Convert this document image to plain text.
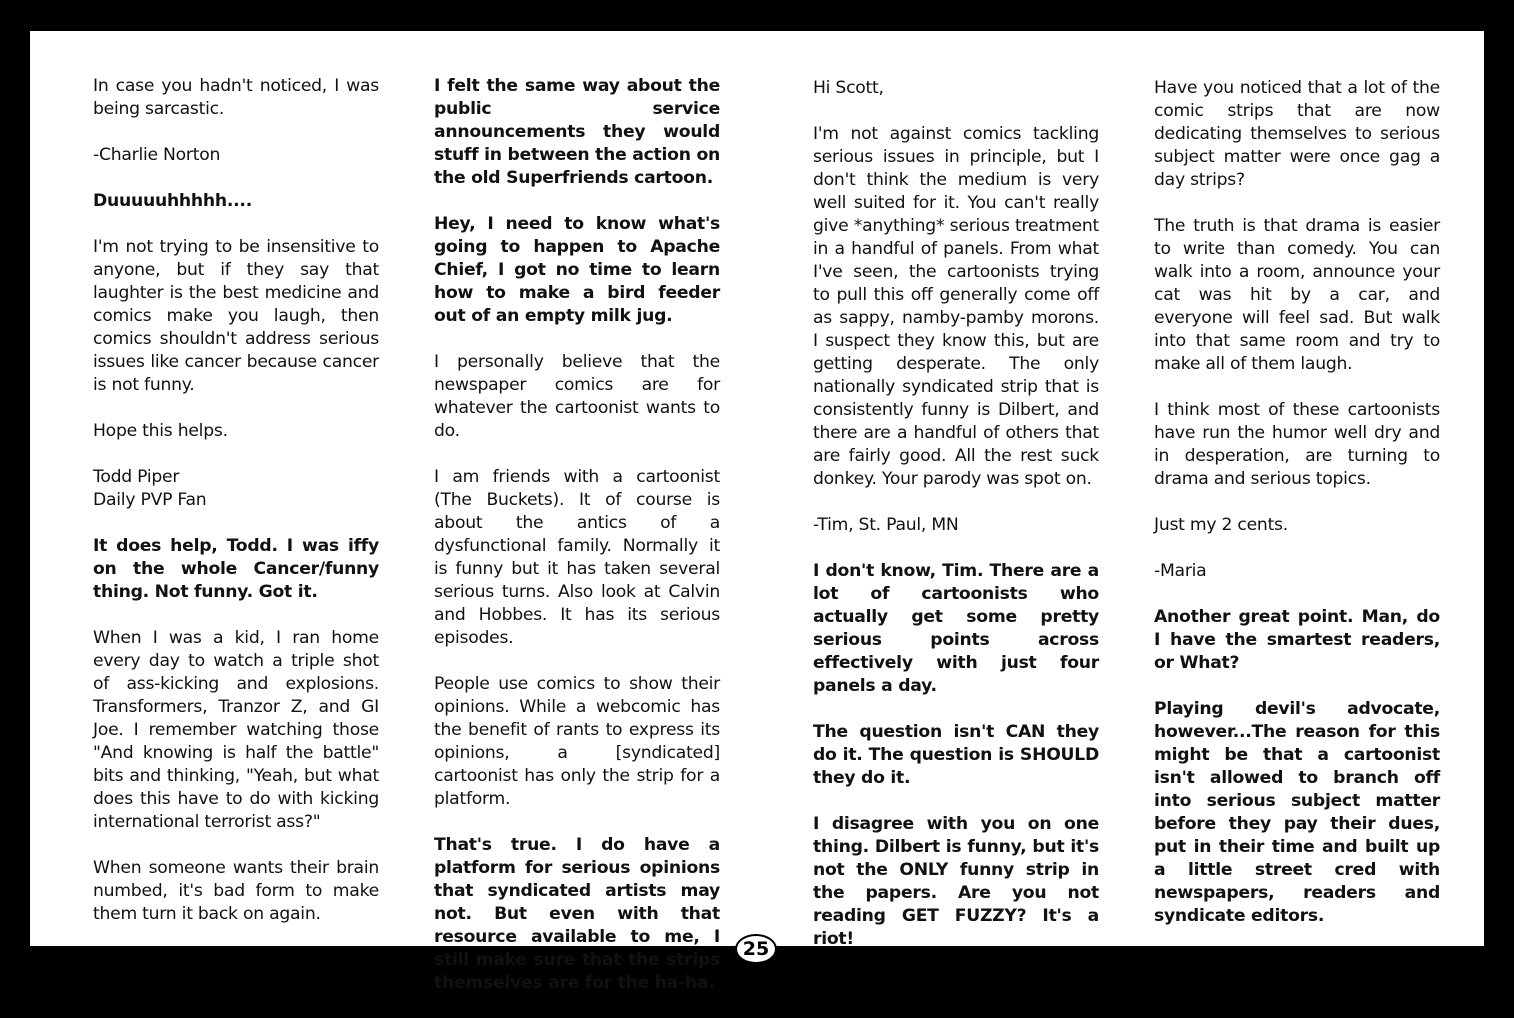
In case you hadn't noticed, I was being sarcastic.

-Charlie Norton

Duuuuuhhhhh....

I'm not trying to be insensitive to anyone, but if they say that laughter is the best medicine and comics make you laugh, then comics shouldn't address serious issues like cancer because cancer is not funny.

Hope this helps.

Todd Piper
Daily PVP Fan

It does help, Todd. I was iffy on the whole Cancer/funny thing. Not funny. Got it.

When I was a kid, I ran home every day to watch a triple shot of ass-kicking and explosions. Transformers, Tranzor Z, and GI Joe. I remember watching those "And knowing is half the battle" bits and thinking, "Yeah, but what does this have to do with kicking international terrorist ass?"

When someone wants their brain numbed, it's bad form to make them turn it back on again.

I felt the same way about the public service announcements they would stuff in between the action on the old Superfriends cartoon.

Hey, I need to know what's going to happen to Apache Chief, I got no time to learn how to make a bird feeder out of an empty milk jug.

I personally believe that the newspaper comics are for whatever the cartoonist wants to do.

I am friends with a cartoonist (The Buckets). It of course is about the antics of a dysfunctional family. Normally it is funny but it has taken several serious turns. Also look at Calvin and Hobbes. It has its serious episodes.

People use comics to show their opinions. While a webcomic has the benefit of rants to express its opinions, a [syndicated] cartoonist has only the strip for a platform.

That's true. I do have a platform for serious opinions that syndicated artists may not. But even with that resource available to me, I still make sure that the strips themselves are for the ha-ha.

Hi Scott,

I'm not against comics tackling serious issues in principle, but I don't think the medium is very well suited for it. You can't really give *anything* serious treatment in a handful of panels. From what I've seen, the cartoonists trying to pull this off generally come off as sappy, namby-pamby morons. I suspect they know this, but are getting desperate. The only nationally syndicated strip that is consistently funny is Dilbert, and there are a handful of others that are fairly good. All the rest suck donkey. Your parody was spot on.

-Tim, St. Paul, MN

I don't know, Tim. There are a lot of cartoonists who actually get some pretty serious points across effectively with just four panels a day.

The question isn't CAN they do it. The question is SHOULD they do it.

I disagree with you on one thing. Dilbert is funny, but it's not the ONLY funny strip in the papers. Are you not reading GET FUZZY? It's a riot!

Have you noticed that a lot of the comic strips that are now dedicating themselves to serious subject matter were once gag a day strips?

The truth is that drama is easier to write than comedy. You can walk into a room, announce your cat was hit by a car, and everyone will feel sad. But walk into that same room and try to make all of them laugh.

I think most of these cartoonists have run the humor well dry and in desperation, are turning to drama and serious topics.

Just my 2 cents.

-Maria

Another great point. Man, do I have the smartest readers, or What?

Playing devil's advocate, however...The reason for this might be that a cartoonist isn't allowed to branch off into serious subject matter before they pay their dues, put in their time and built up a little street cred with newspapers, readers and syndicate editors.

25
